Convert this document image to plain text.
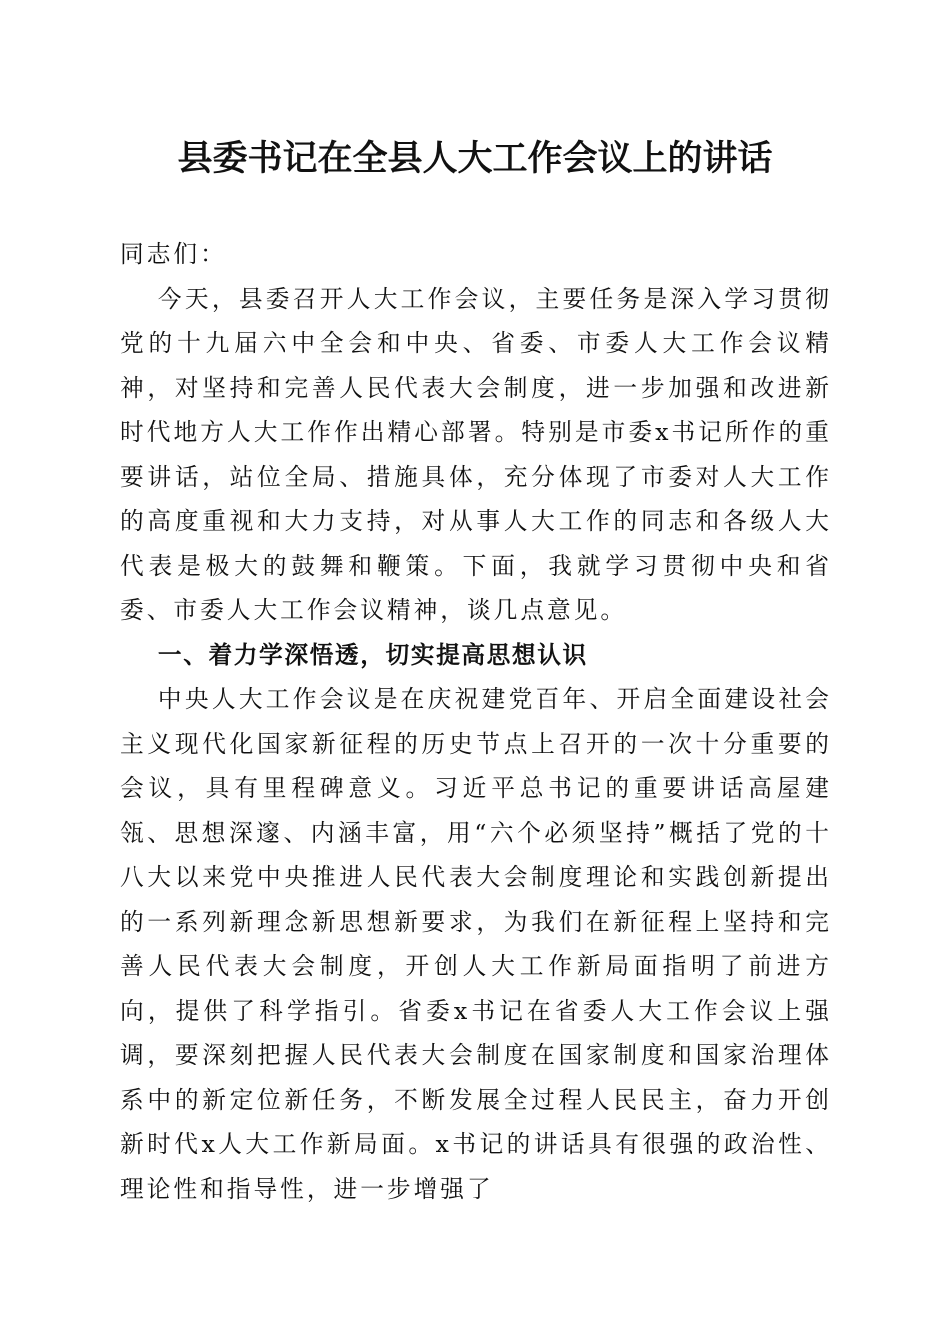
县委书记在全县人大工作会议上的讲话

同志们：

今天，县委召开人大工作会议，主要任务是深入学习贯彻党的十九届六中全会和中央、省委、市委人大工作会议精神，对坚持和完善人民代表大会制度，进一步加强和改进新时代地方人大工作作出精心部署。特别是市委x书记所作的重要讲话，站位全局、措施具体，充分体现了市委对人大工作的高度重视和大力支持，对从事人大工作的同志和各级人大代表是极大的鼓舞和鞭策。下面，我就学习贯彻中央和省委、市委人大工作会议精神，谈几点意见。

一、着力学深悟透，切实提高思想认识

中央人大工作会议是在庆祝建党百年、开启全面建设社会主义现代化国家新征程的历史节点上召开的一次十分重要的会议，具有里程碑意义。习近平总书记的重要讲话高屋建瓴、思想深邃、内涵丰富，用“六个必须坚持”概括了党的十八大以来党中央推进人民代表大会制度理论和实践创新提出的一系列新理念新思想新要求，为我们在新征程上坚持和完善人民代表大会制度，开创人大工作新局面指明了前进方向，提供了科学指引。省委x书记在省委人大工作会议上强调，要深刻把握人民代表大会制度在国家制度和国家治理体系中的新定位新任务，不断发展全过程人民民主，奋力开创新时代x人大工作新局面。x书记的讲话具有很强的政治性、理论性和指导性，进一步增强了
